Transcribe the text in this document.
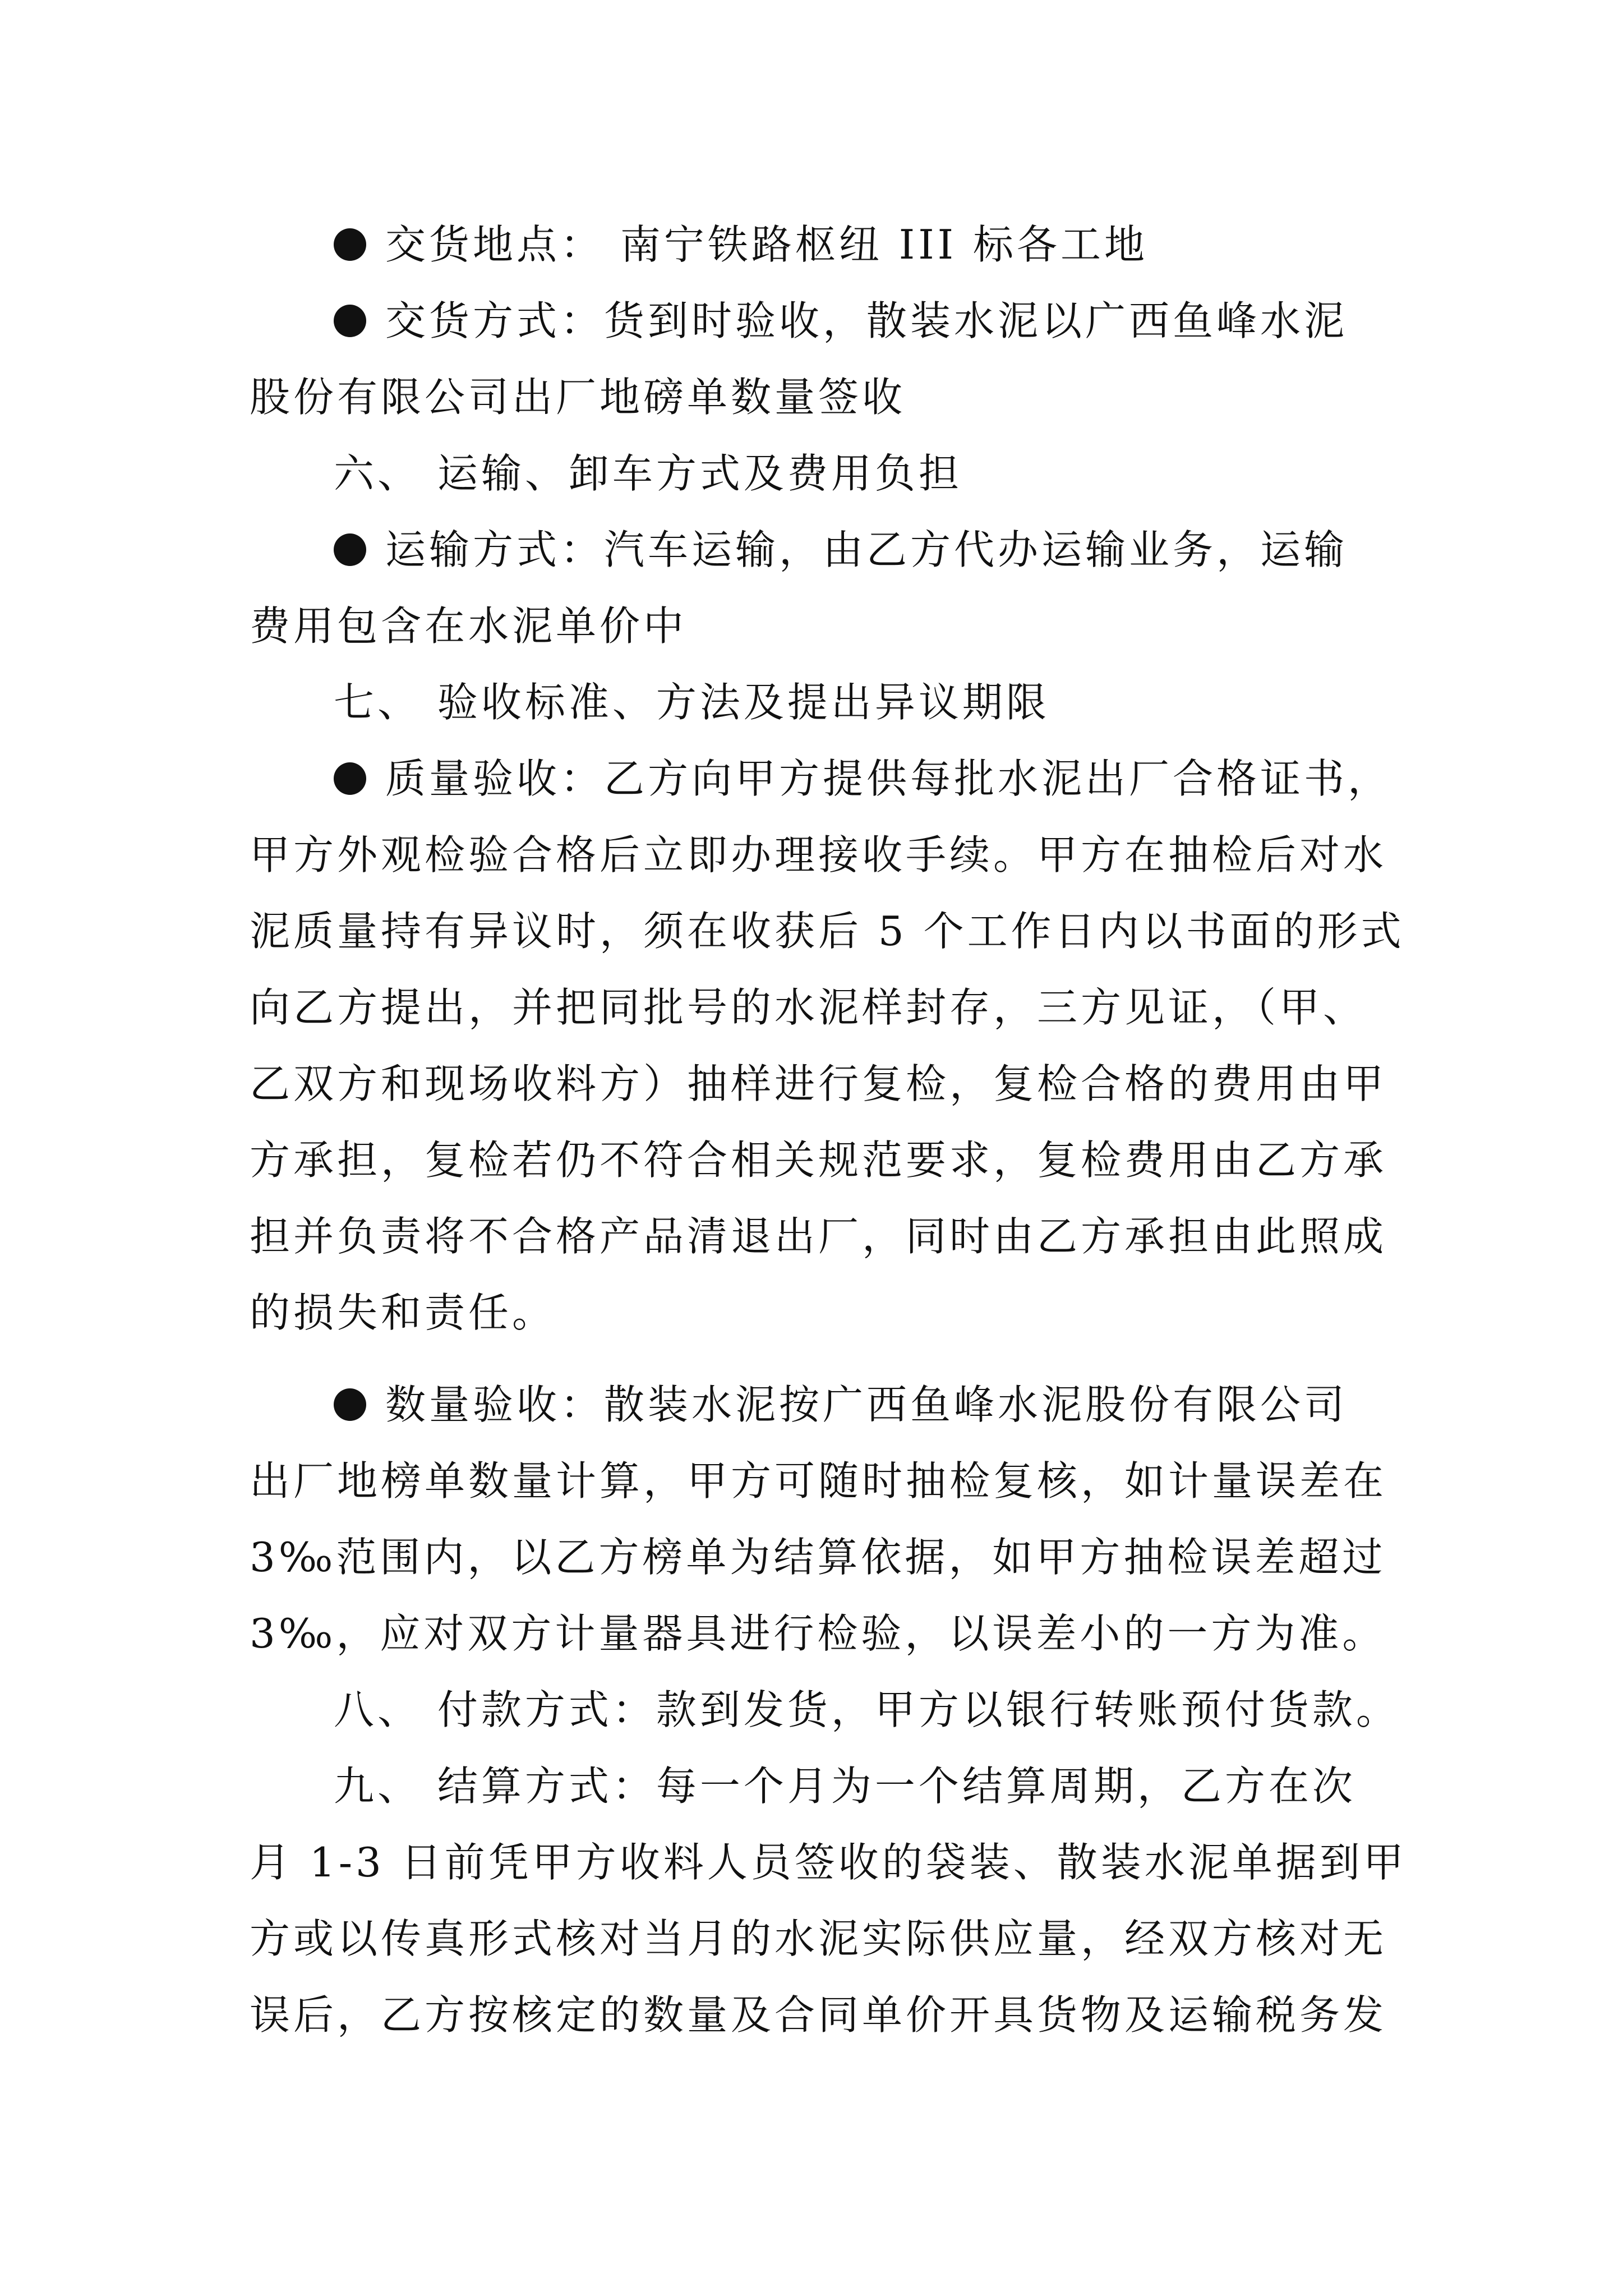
交货地点： 南宁铁路枢纽 III 标各工地
交货方式：货到时验收，散装水泥以广西鱼峰水泥
股份有限公司出厂地磅单数量签收
六、 运输、卸车方式及费用负担
运输方式：汽车运输，由乙方代办运输业务，运输
费用包含在水泥单价中
七、 验收标准、方法及提出异议期限
质量验收：乙方向甲方提供每批水泥出厂合格证书，
甲方外观检验合格后立即办理接收手续。甲方在抽检后对水
泥质量持有异议时，须在收获后 5 个工作日内以书面的形式
向乙方提出，并把同批号的水泥样封存，三方见证，（甲、
乙双方和现场收料方）抽样进行复检，复检合格的费用由甲
方承担，复检若仍不符合相关规范要求，复检费用由乙方承
担并负责将不合格产品清退出厂，同时由乙方承担由此照成
的损失和责任。
数量验收：散装水泥按广西鱼峰水泥股份有限公司
出厂地榜单数量计算，甲方可随时抽检复核，如计量误差在
3‰范围内，以乙方榜单为结算依据，如甲方抽检误差超过
3‰，应对双方计量器具进行检验，以误差小的一方为准。
八、 付款方式：款到发货，甲方以银行转账预付货款。
九、 结算方式：每一个月为一个结算周期，乙方在次
月 1-3 日前凭甲方收料人员签收的袋装、散装水泥单据到甲
方或以传真形式核对当月的水泥实际供应量，经双方核对无
误后，乙方按核定的数量及合同单价开具货物及运输税务发
